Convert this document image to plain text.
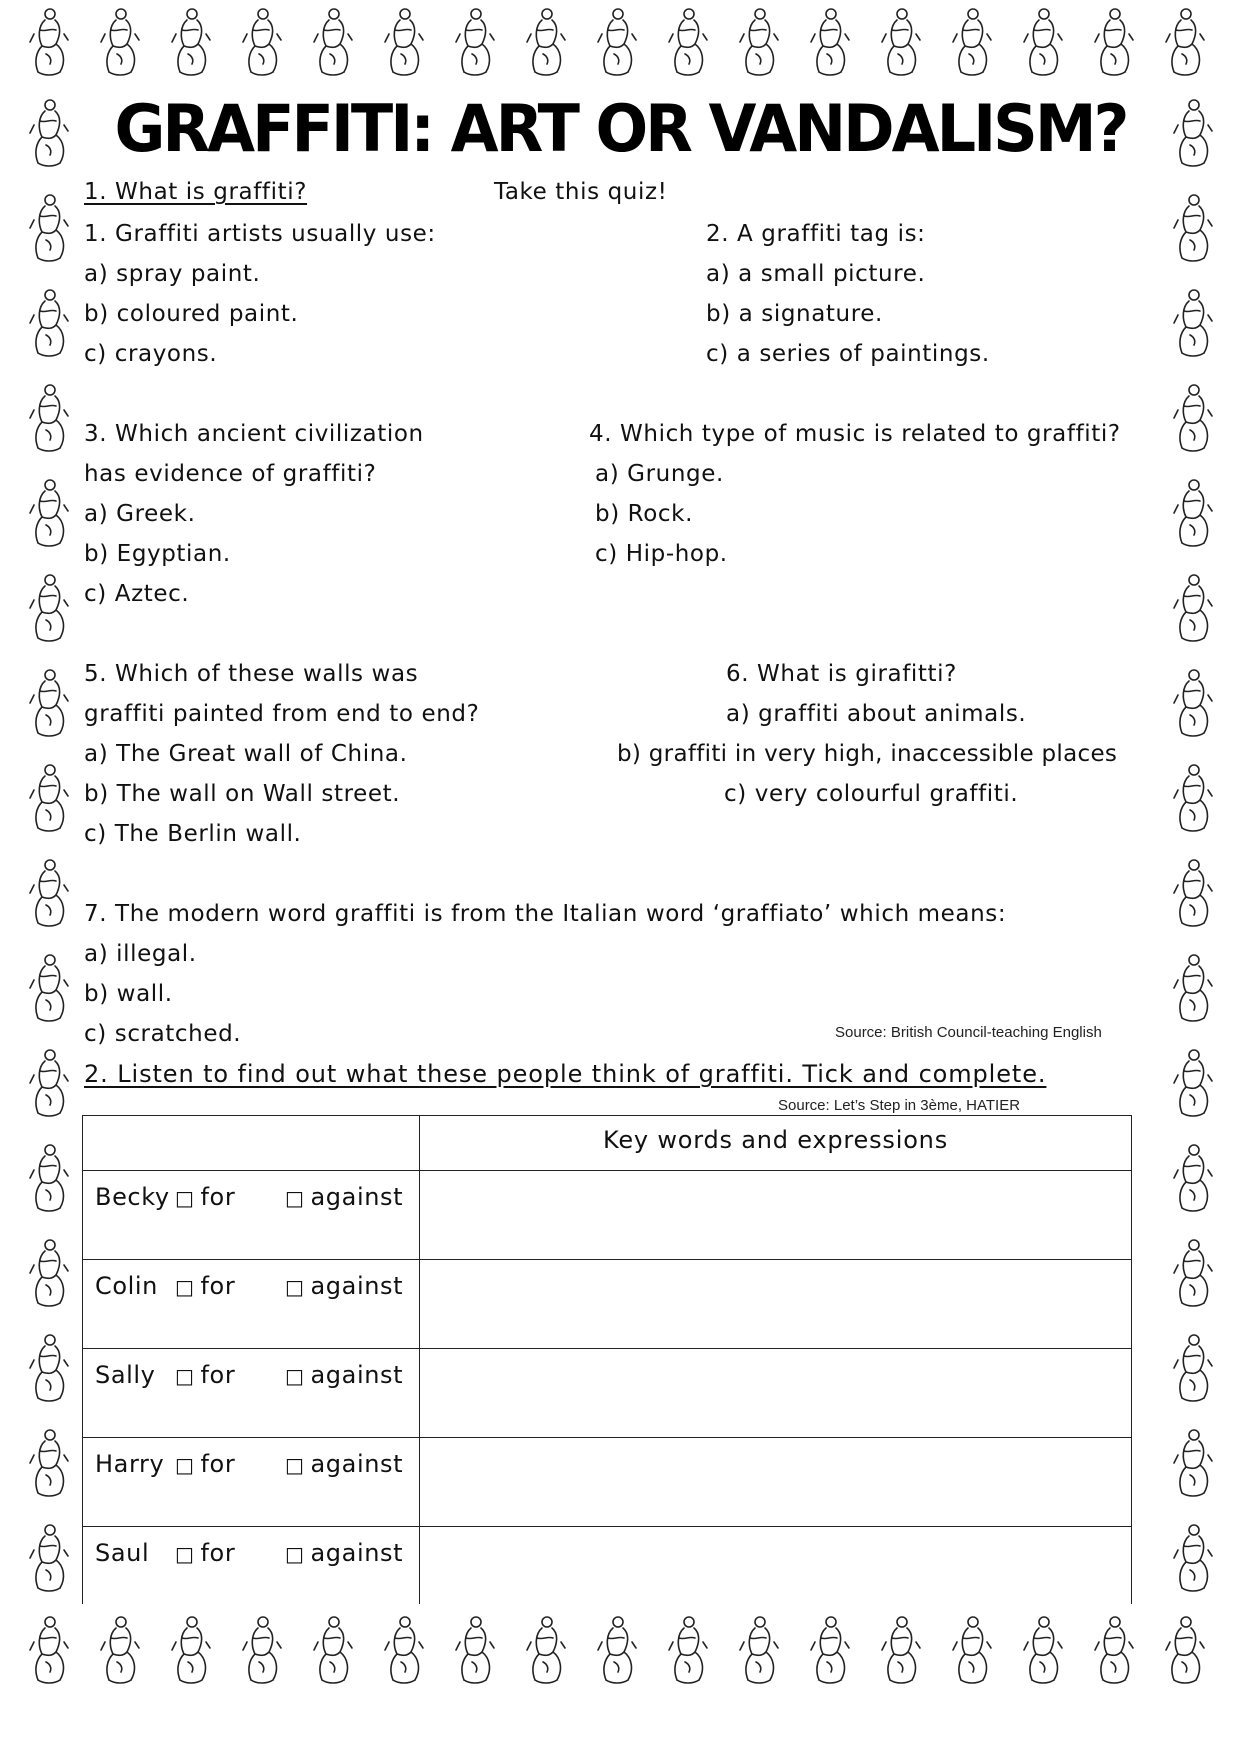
GRAFFITI: ART OR VANDALISM?
1. What is graffiti?	Take this quiz!
1. Graffiti artists usually use:
a) spray paint.
b) coloured paint.
c) crayons.
2. A graffiti tag is:
a) a small picture.
b) a signature.
c) a series of paintings.
3. Which ancient civilization
has evidence of graffiti?
a) Greek.
b) Egyptian.
c) Aztec.
4. Which type of music is related to graffiti?
a) Grunge.
b) Rock.
c) Hip-hop.
5. Which of these walls was
graffiti painted from end to end?
a) The Great wall of China.
b) The wall on Wall street.
c) The Berlin wall.
6. What is girafitti?
a) graffiti about animals.
b) graffiti in very high, inaccessible places
c) very colourful graffiti.
7. The modern word graffiti is from the Italian word ‘graffiato’ which means:
a) illegal.
b) wall.
c) scratched.	Source: British Council-teaching English
2. Listen to find out what these people think of graffiti. Tick and complete.
Source: Let’s Step in 3ème, HATIER
	Key words and expressions

Becky □ for □ against	

Colin □ for □ against	

Sally □ for □ against	

Harry □ for □ against	

Saul □ for □ against	
